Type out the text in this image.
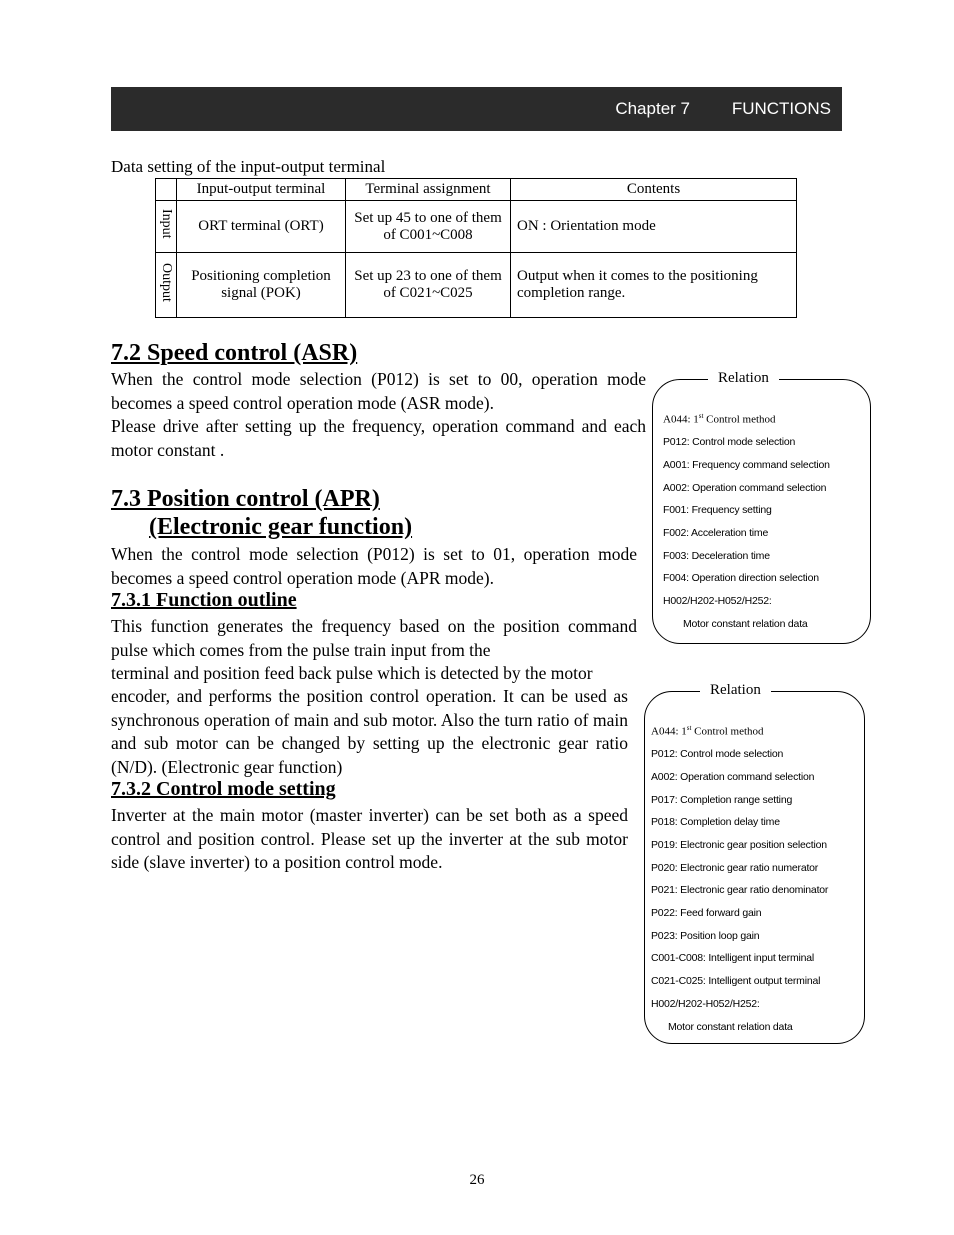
Chapter 7 FUNCTIONS
Data setting of the input-output terminal
	Input-output terminal	Terminal assignment	Contents
Input	ORT terminal (ORT)	Set up 45 to one of them of C001~C008	ON : Orientation mode
Output	Positioning completion signal (POK)	Set up 23 to one of them of C021~C025	Output when it comes to the positioning completion range.
7.2 Speed control (ASR)

When the control mode selection (P012) is set to 00, operation mode becomes a speed control operation mode (ASR mode).

Please drive after setting up the frequency, operation command and each motor constant .

7.3 Position control (APR)
(Electronic gear function)

When the control mode selection (P012) is set to 01, operation mode becomes a speed control operation mode (APR mode).

7.3.1 Function outline

This function generates the frequency based on the position command pulse which comes from the pulse train input from the

terminal and position feed back pulse which is detected by the motor

encoder, and performs the position control operation. It can be used as synchronous operation of main and sub motor. Also the turn ratio of main and sub motor can be changed by setting up the electronic gear ratio (N/D). (Electronic gear function)

7.3.2 Control mode setting

Inverter at the main motor (master inverter) can be set both as a speed control and position control. Please set up the inverter at the sub motor side (slave inverter) to a position control mode.

Relation
A044: 1st Control method
P012: Control mode selection
A001: Frequency command selection
A002: Operation command selection
F001: Frequency setting
F002: Acceleration time
F003: Deceleration time
F004: Operation direction selection
H002/H202-H052/H252:
Motor constant relation data
Relation
A044: 1st Control method
P012: Control mode selection
A002: Operation command selection
P017: Completion range setting
P018: Completion delay time
P019: Electronic gear position selection
P020: Electronic gear ratio numerator
P021: Electronic gear ratio denominator
P022: Feed forward gain
P023: Position loop gain
C001-C008: Intelligent input terminal
C021-C025: Intelligent output terminal
H002/H202-H052/H252:
Motor constant relation data
26
